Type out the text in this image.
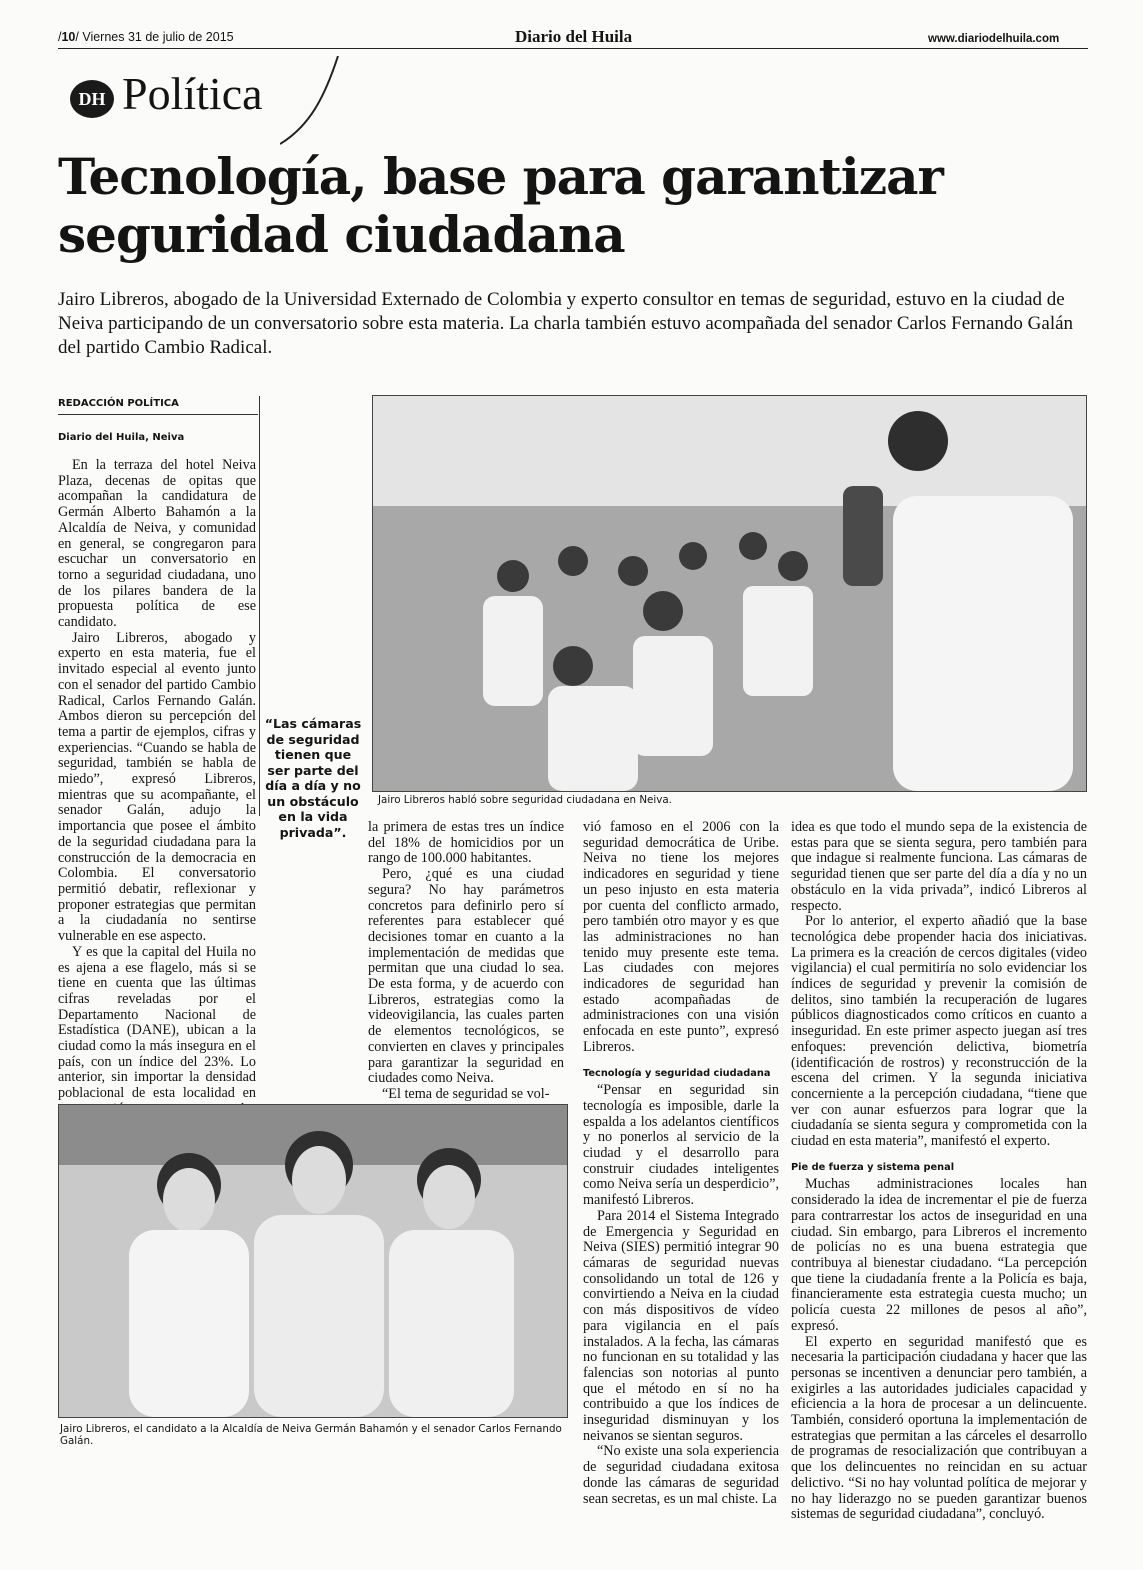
/10/ Viernes 31 de julio de 2015	Diario del Huila	www.diariodelhuila.com
DH Política
Tecnología, base para garantizar seguridad ciudadana
Jairo Libreros, abogado de la Universidad Externado de Colombia y experto consultor en temas de seguridad, estuvo en la ciudad de Neiva participando de un conversatorio sobre esta materia. La charla también estuvo acompañada del senador Carlos Fernando Galán del partido Cambio Radical.
REDACCIÓN POLÍTICA
Diario del Huila, Neiva

En la terraza del hotel Neiva Plaza, decenas de opitas que acompañan la candidatura de Germán Alberto Bahamón a la Alcaldía de Neiva, y comunidad en general, se congregaron para escuchar un conversatorio en torno a seguridad ciudadana, uno de los pilares bandera de la propuesta política de ese candidato.

Jairo Libreros, abogado y experto en esta materia, fue el invitado especial al evento junto con el senador del partido Cambio Radical, Carlos Fernando Galán. Ambos dieron su percepción del tema a partir de ejemplos, cifras y experiencias. “Cuando se habla de seguridad, también se habla de miedo”, expresó Libreros, mientras que su acompañante, el senador Galán, adujo la importancia que posee el ámbito de la seguridad ciudadana para la construcción de la democracia en Colombia. El conversatorio permitió debatir, reflexionar y proponer estrategias que permitan a la ciudadanía no sentirse vulnerable en ese aspecto.

Y es que la capital del Huila no es ajena a ese flagelo, más si se tiene en cuenta que las últimas cifras reveladas por el Departamento Nacional de Estadística (DANE), ubican a la ciudad como la más insegura en el país, con un índice del 23%. Lo anterior, sin importar la densidad poblacional de esta localidad en

“Las cámaras de seguridad tienen que ser parte del día a día y no un obstáculo en la vida privada”.
Jairo Libreros habló sobre seguridad ciudadana en Neiva.

la primera de estas tres un índice del 18% de homicidios por un rango de 100.000 habitantes.

Pero, ¿qué es una ciudad segura? No hay parámetros concretos para definirlo pero sí referentes para establecer qué decisiones tomar en cuanto a la implementación de medidas que permitan que una ciudad lo sea. De esta forma, y de acuerdo con Libreros, estrategias como la videovigilancia, las cuales parten de elementos tecnológicos, se convierten en claves y principales para garantizar la seguridad en ciudades como Neiva.

“El tema de seguridad se vol-

vió famoso en el 2006 con la seguridad democrática de Uribe. Neiva no tiene los mejores indicadores en seguridad y tiene un peso injusto en esta materia por cuenta del conflicto armado, pero también otro mayor y es que las administraciones no han tenido muy presente este tema. Las ciudades con mejores indicadores de seguridad han estado acompañadas de administraciones con una visión enfocada en este punto”, expresó Libreros.

Tecnología y seguridad ciudadana

“Pensar en seguridad sin tecnología es imposible, darle la espalda a los adelantos científicos y no ponerlos al servicio de la ciudad y el desarrollo para construir ciudades inteligentes como Neiva sería un desperdicio”, manifestó Libreros.

Para 2014 el Sistema Integrado de Emergencia y Seguridad en Neiva (SIES) permitió integrar 90 cámaras de seguridad nuevas consolidando un total de 126 y convirtiendo a Neiva en la ciudad con más dispositivos de vídeo para vigilancia en el país instalados. A la fecha, las cámaras no funcionan en su totalidad y las falencias son notorias al punto que el método en sí no ha contribuido a que los índices de inseguridad disminuyan y los neivanos se sientan seguros.

“No existe una sola experiencia de seguridad ciudadana exitosa donde las cámaras de seguridad sean secretas, es un mal chiste. La

idea es que todo el mundo sepa de la existencia de estas para que se sienta segura, pero también para que indague si realmente funciona. Las cámaras de seguridad tienen que ser parte del día a día y no un obstáculo en la vida privada”, indicó Libreros al respecto.

Por lo anterior, el experto añadió que la base tecnológica debe propender hacia dos iniciativas. La primera es la creación de cercos digitales (video vigilancia) el cual permitiría no solo evidenciar los índices de seguridad y prevenir la comisión de delitos, sino también la recuperación de lugares públicos diagnosticados como críticos en cuanto a inseguridad. En este primer aspecto juegan así tres enfoques: prevención delictiva, biometría (identificación de rostros) y reconstrucción de la escena del crimen. Y la segunda iniciativa concerniente a la percepción ciudadana, “tiene que ver con aunar esfuerzos para lograr que la ciudadanía se sienta segura y comprometida con la ciudad en esta materia”, manifestó el experto.

Pie de fuerza y sistema penal

Muchas administraciones locales han considerado la idea de incrementar el pie de fuerza para contrarrestar los actos de inseguridad en una ciudad. Sin embargo, para Libreros el incremento de policías no es una buena estrategia que contribuya al bienestar ciudadano. “La percepción que tiene la ciudadanía frente a la Policía es baja, financieramente esta estrategia cuesta mucho; un policía cuesta 22 millones de pesos al año”, expresó.

El experto en seguridad manifestó que es necesaria la participación ciudadana y hacer que las personas se incentiven a denunciar pero también, a exigirles a las autoridades judiciales capacidad y eficiencia a la hora de procesar a un delincuente. También, consideró oportuna la implementación de estrategias que permitan a las cárceles el desarrollo de programas de resocialización que contribuyan a que los delincuentes no reincidan en su actuar delictivo. “Si no hay voluntad política de mejorar y no hay liderazgo no se pueden garantizar buenos sistemas de seguridad ciudadana”, concluyó.

Jairo Libreros, el candidato a la Alcaldía de Neiva Germán Bahamón y el senador Carlos Fernando Galán.
